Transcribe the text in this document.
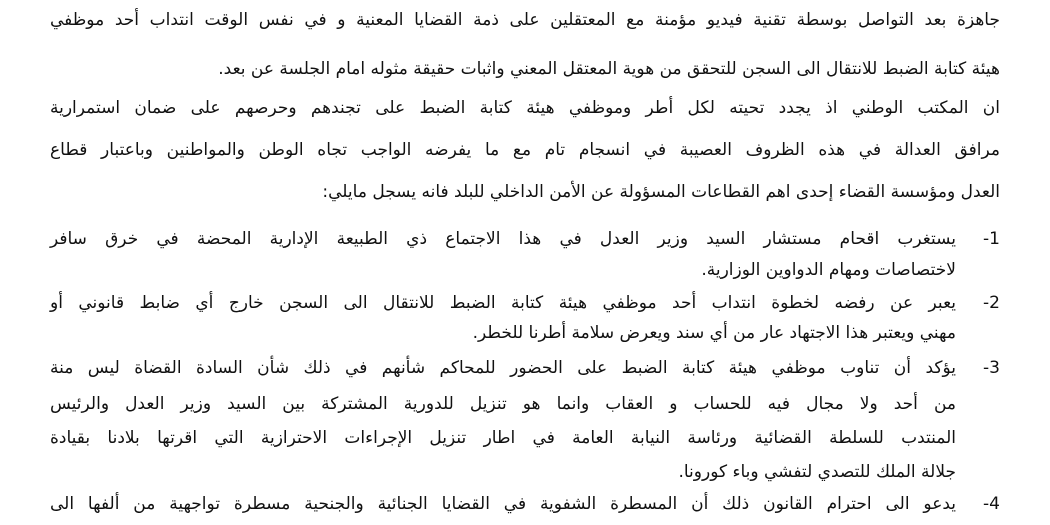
جاهزة بعد التواصل بوسطة تقنية فيديو مؤمنة مع المعتقلين على ذمة القضايا المعنية و في نفس الوقت انتداب أحد موظفي
هيئة كتابة الضبط للانتقال الى السجن للتحقق من هوية المعتقل المعني واثبات حقيقة مثوله امام الجلسة عن بعد.
ان المكتب الوطني اذ يجدد تحيته لكل أطر وموظفي هيئة كتابة الضبط على تجندهم وحرصهم على ضمان استمرارية
مرافق العدالة في هذه الظروف العصيبة في انسجام تام مع ما يفرضه الواجب تجاه الوطن والمواطنين وباعتبار قطاع
العدل ومؤسسة القضاء إحدى اهم القطاعات المسؤولة عن الأمن الداخلي للبلد فانه يسجل مايلي:
-1
يستغرب اقحام مستشار السيد وزير العدل في هذا الاجتماع ذي الطبيعة الإدارية المحضة في خرق سافر
لاختصاصات ومهام الدواوين الوزارية.
-2
يعبر عن رفضه لخطوة انتداب أحد موظفي هيئة كتابة الضبط للانتقال الى السجن خارج أي ضابط قانوني أو
مهني ويعتبر هذا الاجتهاد عار من أي سند ويعرض سلامة أطرنا للخطر.
-3
يؤكد أن تناوب موظفي هيئة كتابة الضبط على الحضور للمحاكم شأنهم في ذلك شأن السادة القضاة ليس منة
من أحد ولا مجال فيه للحساب و العقاب وانما هو تنزيل للدورية المشتركة بين السيد وزير العدل والرئيس
المنتدب للسلطة القضائية ورئاسة النيابة العامة في اطار تنزيل الإجراءات الاحترازية التي اقرتها بلادنا بقيادة
جلالة الملك للتصدي لتفشي وباء كورونا.
-4
يدعو الى احترام القانون ذلك أن المسطرة الشفوية في القضايا الجنائية والجنحية مسطرة تواجهية من ألفها الى
